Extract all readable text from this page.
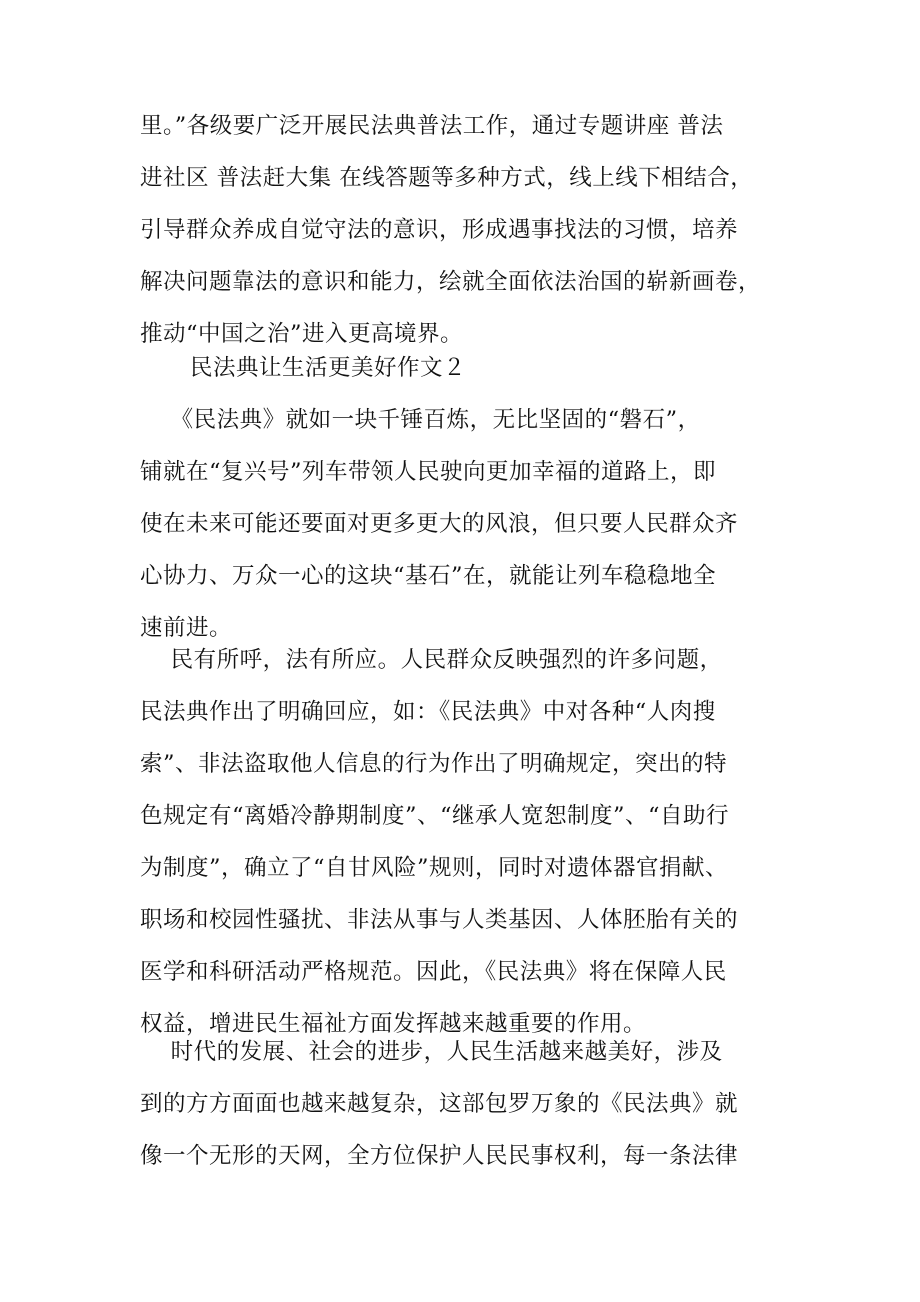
里。”各级要广泛开展民法典普法工作，通过专题讲座 普法
进社区 普法赶大集 在线答题等多种方式，线上线下相结合，
引导群众养成自觉守法的意识，形成遇事找法的习惯，培养
解决问题靠法的意识和能力，绘就全面依法治国的崭新画卷，
推动“中国之治”进入更高境界。
民法典让生活更美好作文２
《民法典》就如一块千锤百炼，无比坚固的“磐石”，
铺就在“复兴号”列车带领人民驶向更加幸福的道路上，即
使在未来可能还要面对更多更大的风浪，但只要人民群众齐
心协力、万众一心的这块“基石”在，就能让列车稳稳地全
速前进。
民有所呼，法有所应。人民群众反映强烈的许多问题，
民法典作出了明确回应，如：《民法典》中对各种“人肉搜
索”、非法盗取他人信息的行为作出了明确规定，突出的特
色规定有“离婚冷静期制度”、“继承人宽恕制度”、“自助行
为制度”，确立了“自甘风险”规则，同时对遗体器官捐献、
职场和校园性骚扰、非法从事与人类基因、人体胚胎有关的
医学和科研活动严格规范。因此，《民法典》将在保障人民
权益，增进民生福祉方面发挥越来越重要的作用。
时代的发展、社会的进步，人民生活越来越美好，涉及
到的方方面面也越来越复杂，这部包罗万象的《民法典》就
像一个无形的天网，全方位保护人民民事权利，每一条法律
